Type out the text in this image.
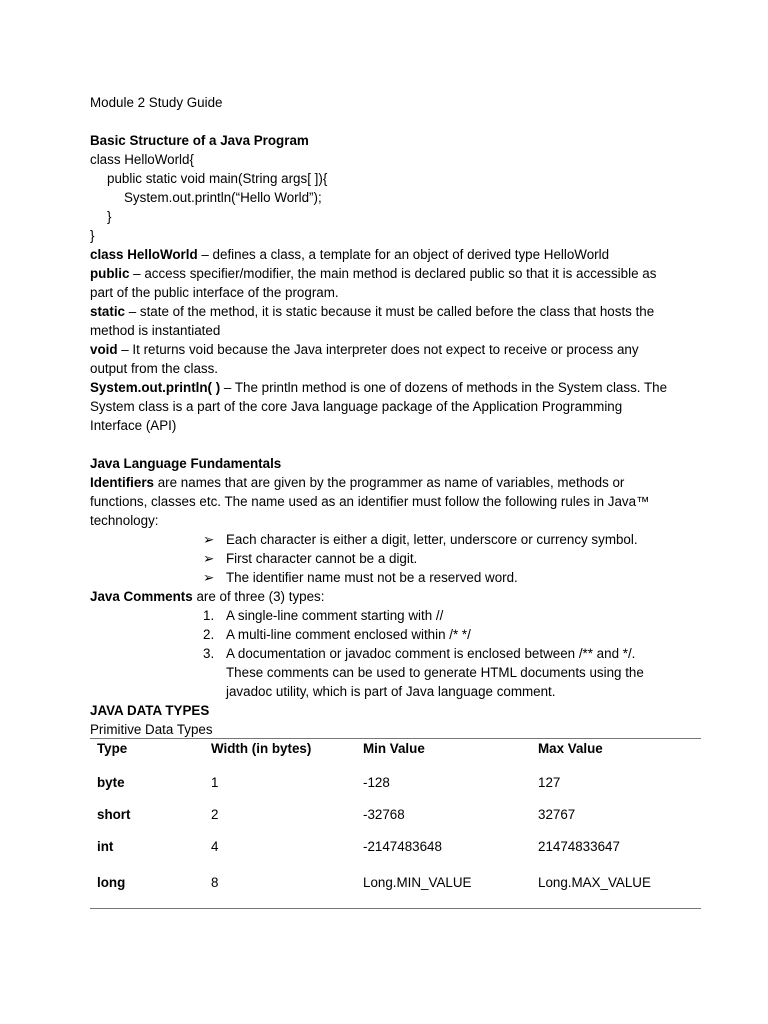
Module 2 Study Guide
Basic Structure of a Java Program
class HelloWorld{
public static void main(String args[ ]){
System.out.println(“Hello World”);
}
}
class HelloWorld – defines a class, a template for an object of derived type HelloWorld
public – access specifier/modifier, the main method is declared public so that it is accessible as
part of the public interface of the program.
static – state of the method, it is static because it must be called before the class that hosts the
method is instantiated
void – It returns void because the Java interpreter does not expect to receive or process any
output from the class.
System.out.println( ) – The println method is one of dozens of methods in the System class. The
System class is a part of the core Java language package of the Application Programming
Interface (API)
Java Language Fundamentals
Identifiers are names that are given by the programmer as name of variables, methods or
functions, classes etc. The name used as an identifier must follow the following rules in Java™
technology:
➢ Each character is either a digit, letter, underscore or currency symbol.
➢ First character cannot be a digit.
➢ The identifier name must not be a reserved word.
Java Comments are of three (3) types:
1. A single-line comment starting with //
2. A multi-line comment enclosed within /* */
3. A documentation or javadoc comment is enclosed between /** and */.
These comments can be used to generate HTML documents using the
javadoc utility, which is part of Java language comment.
JAVA DATA TYPES
Primitive Data Types
Type	Width (in bytes)	Min Value	Max Value
byte	1	-128	127
short	2	-32768	32767
int	4	-2147483648	21474833647
long	8	Long.MIN_VALUE	Long.MAX_VALUE
